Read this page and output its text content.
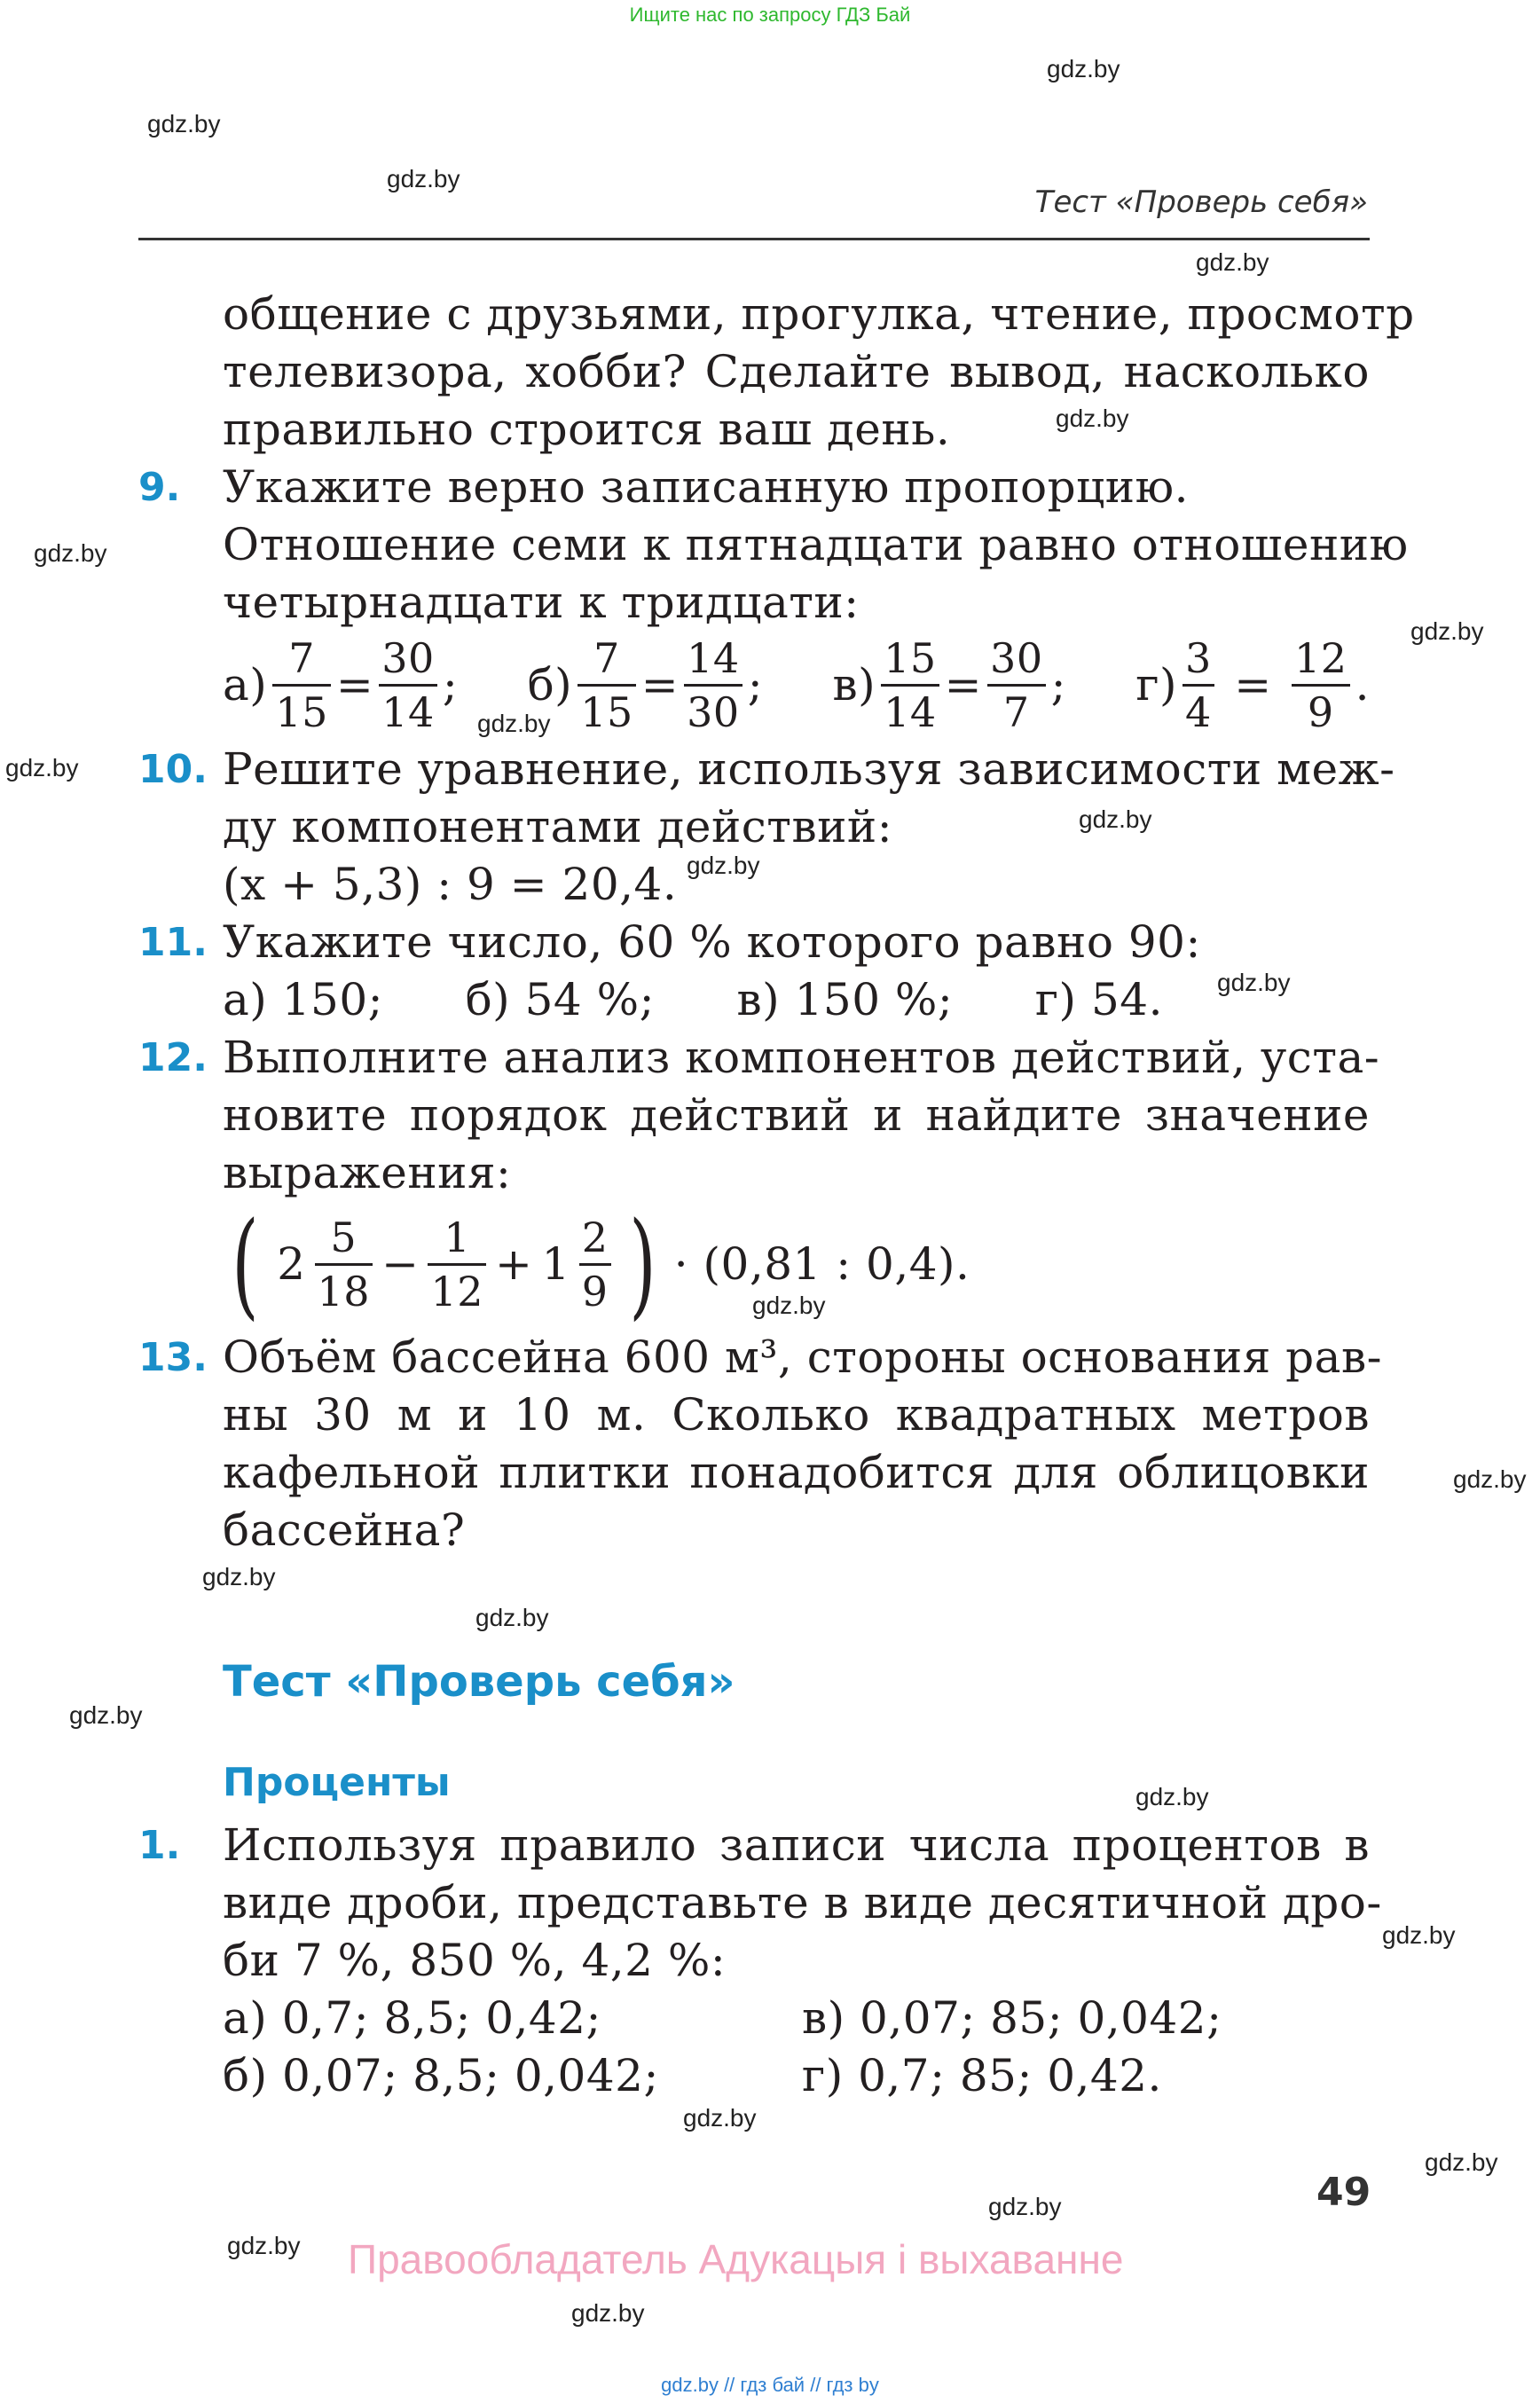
Ищите нас по запросу ГДЗ Бай
gdz.by
gdz.by
gdz.by
gdz.by
gdz.by
gdz.by
gdz.by
gdz.by
gdz.by
gdz.by
gdz.by
gdz.by
gdz.by
gdz.by
gdz.by
gdz.by
gdz.by
gdz.by
gdz.by
gdz.by
gdz.by
gdz.by
gdz.by
gdz.by
Тест «Проверь себя»
общение с друзьями, прогулка, чтение, просмотр
телевизора, хобби? Сделайте вывод, насколько
правильно строится ваш день.
9. Укажите верно записанную пропорцию.
Отношение семи к пятнадцати равно отношению
четырнадцати к тридцати:
$а) \frac{7}{15} = \frac{30}{14}$ ; $б) \frac{7}{15} = \frac{14}{30}$ ; $в) \frac{15}{14} = \frac{30}{7}$ ; $г) \frac{3}{4} = \frac{12}{9}$ .
10. Решите уравнение, используя зависимости меж-
ду компонентами действий:
(x + 5,3) : 9 = 20,4.
11. Укажите число, 60 % которого равно 90:
а) 150; б) 54 %; в) 150 %; г) 54.
12. Выполните анализ компонентов действий, уста-
новите порядок действий и найдите значение
выражения:
( $2 \frac{5}{18} - \frac{1}{12} + 1 \frac{2}{9}$ ) · (0,81 : 0,4).
13. Объём бассейна 600 м³, стороны основания рав-
ны 30 м и 10 м. Сколько квадратных метров
кафельной плитки понадобится для облицовки
бассейна?
Тест «Проверь себя»
Проценты
1. Используя правило записи числа процентов в
виде дроби, представьте в виде десятичной дро-
би 7 %, 850 %, 4,2 %:
а) 0,7; 8,5; 0,42;	в) 0,07; 85; 0,042;
б) 0,07; 8,5; 0,042;	г) 0,7; 85; 0,42.
49
Правообладатель Адукацыя і выхаванне
gdz.by // гдз бай // гдз by
